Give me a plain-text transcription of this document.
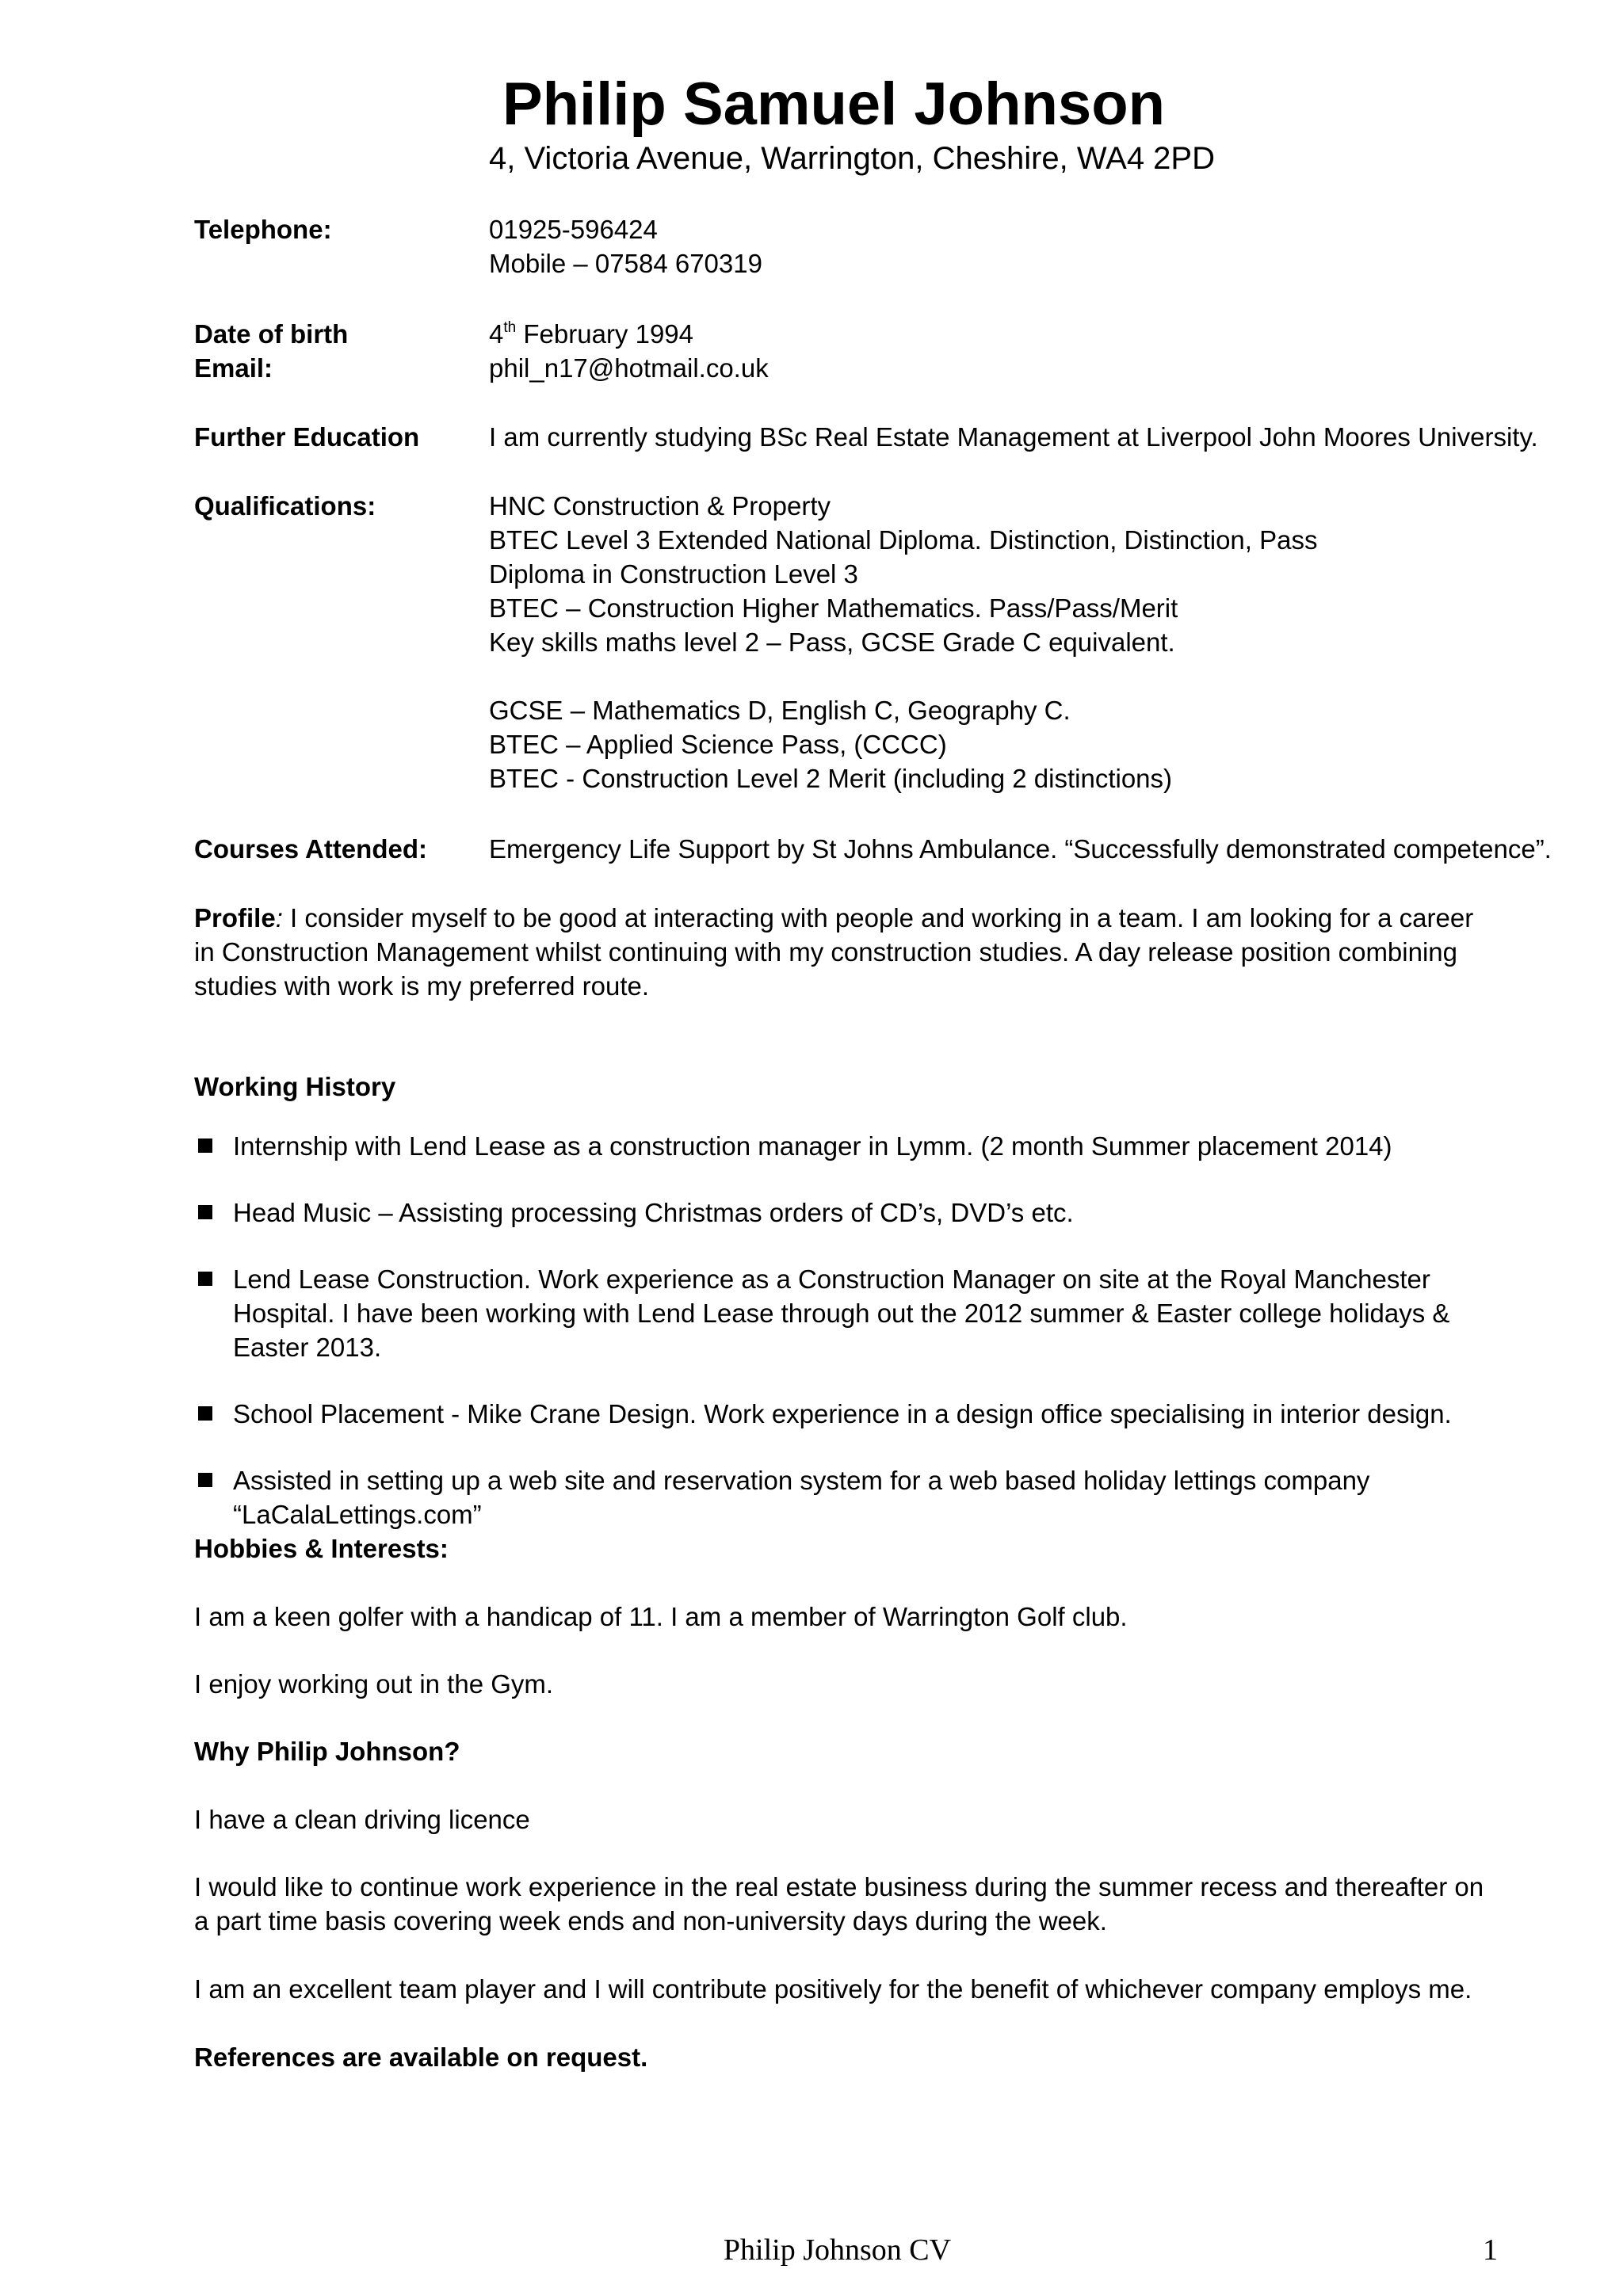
Philip Samuel Johnson
4, Victoria Avenue, Warrington, Cheshire, WA4 2PD
Telephone:	01925-596424
Mobile – 07584 670319
Date of birth	4th February 1994
Email:	phil_n17@hotmail.co.uk
Further Education	I am currently studying BSc Real Estate Management at Liverpool John Moores University.
Qualifications:	HNC Construction & Property
BTEC Level 3 Extended National Diploma. Distinction, Distinction, Pass
Diploma in Construction Level 3
BTEC – Construction Higher Mathematics. Pass/Pass/Merit
Key skills maths level 2 – Pass, GCSE Grade C equivalent.
GCSE – Mathematics D, English C, Geography C.
BTEC – Applied Science Pass, (CCCC)
BTEC - Construction Level 2 Merit (including 2 distinctions)
Courses Attended: Emergency Life Support by St Johns Ambulance. “Successfully demonstrated competence”.

Profile: I consider myself to be good at interacting with people and working in a team. I am looking for a career in Construction Management whilst continuing with my construction studies. A day release position combining studies with work is my preferred route.

Working History
Internship with Lend Lease as a construction manager in Lymm. (2 month Summer placement 2014)
Head Music – Assisting processing Christmas orders of CD’s, DVD’s etc.
Lend Lease Construction. Work experience as a Construction Manager on site at the Royal Manchester Hospital. I have been working with Lend Lease through out the 2012 summer & Easter college holidays & Easter 2013.
School Placement - Mike Crane Design. Work experience in a design office specialising in interior design.
Assisted in setting up a web site and reservation system for a web based holiday lettings company “LaCalaLettings.com”
Hobbies & Interests:
I am a keen golfer with a handicap of 11. I am a member of Warrington Golf club.
I enjoy working out in the Gym.
Why Philip Johnson?
I have a clean driving licence
I would like to continue work experience in the real estate business during the summer recess and thereafter on a part time basis covering week ends and non-university days during the week.
I am an excellent team player and I will contribute positively for the benefit of whichever company employs me.
References are available on request.
Philip Johnson CV	1
